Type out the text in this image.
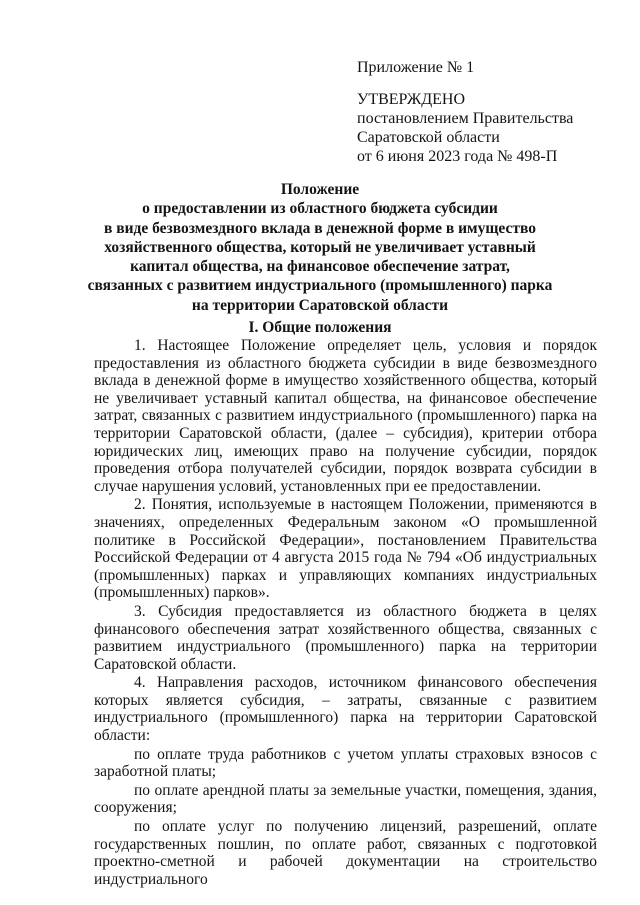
Приложение № 1
УТВЕРЖДЕНО
постановлением Правительства
Саратовской области
от 6 июня 2023 года № 498-П
Положение
о предоставлении из областного бюджета субсидии
в виде безвозмездного вклада в денежной форме в имущество
хозяйственного общества, который не увеличивает уставный
капитал общества, на финансовое обеспечение затрат,
связанных с развитием индустриального (промышленного) парка
на территории Саратовской области
I. Общие положения

1. Настоящее Положение определяет цель, условия и порядок предоставления из областного бюджета субсидии в виде безвозмездного вклада в денежной форме в имущество хозяйственного общества, который не увеличивает уставный капитал общества, на финансовое обеспечение затрат, связанных с развитием индустриального (промышленного) парка на территории Саратовской области, (далее – субсидия), критерии отбора юридических лиц, имеющих право на получение субсидии, порядок проведения отбора получателей субсидии, порядок возврата субсидии в случае нарушения условий, установленных при ее предоставлении.

2. Понятия, используемые в настоящем Положении, применяются в значениях, определенных Федеральным законом «О промышленной политике в Российской Федерации», постановлением Правительства Российской Федерации от 4 августа 2015 года № 794 «Об индустриальных (промышленных) парках и управляющих компаниях индустриальных (промышленных) парков».

3. Субсидия предоставляется из областного бюджета в целях финансового обеспечения затрат хозяйственного общества, связанных с развитием индустриального (промышленного) парка на территории Саратовской области.

4. Направления расходов, источником финансового обеспечения которых является субсидия, – затраты, связанные с развитием индустриального (промышленного) парка на территории Саратовской области:

по оплате труда работников с учетом уплаты страховых взносов с заработной платы;

по оплате арендной платы за земельные участки, помещения, здания, сооружения;

по оплате услуг по получению лицензий, разрешений, оплате государственных пошлин, по оплате работ, связанных с подготовкой проектно-сметной и рабочей документации на строительство индустриального
